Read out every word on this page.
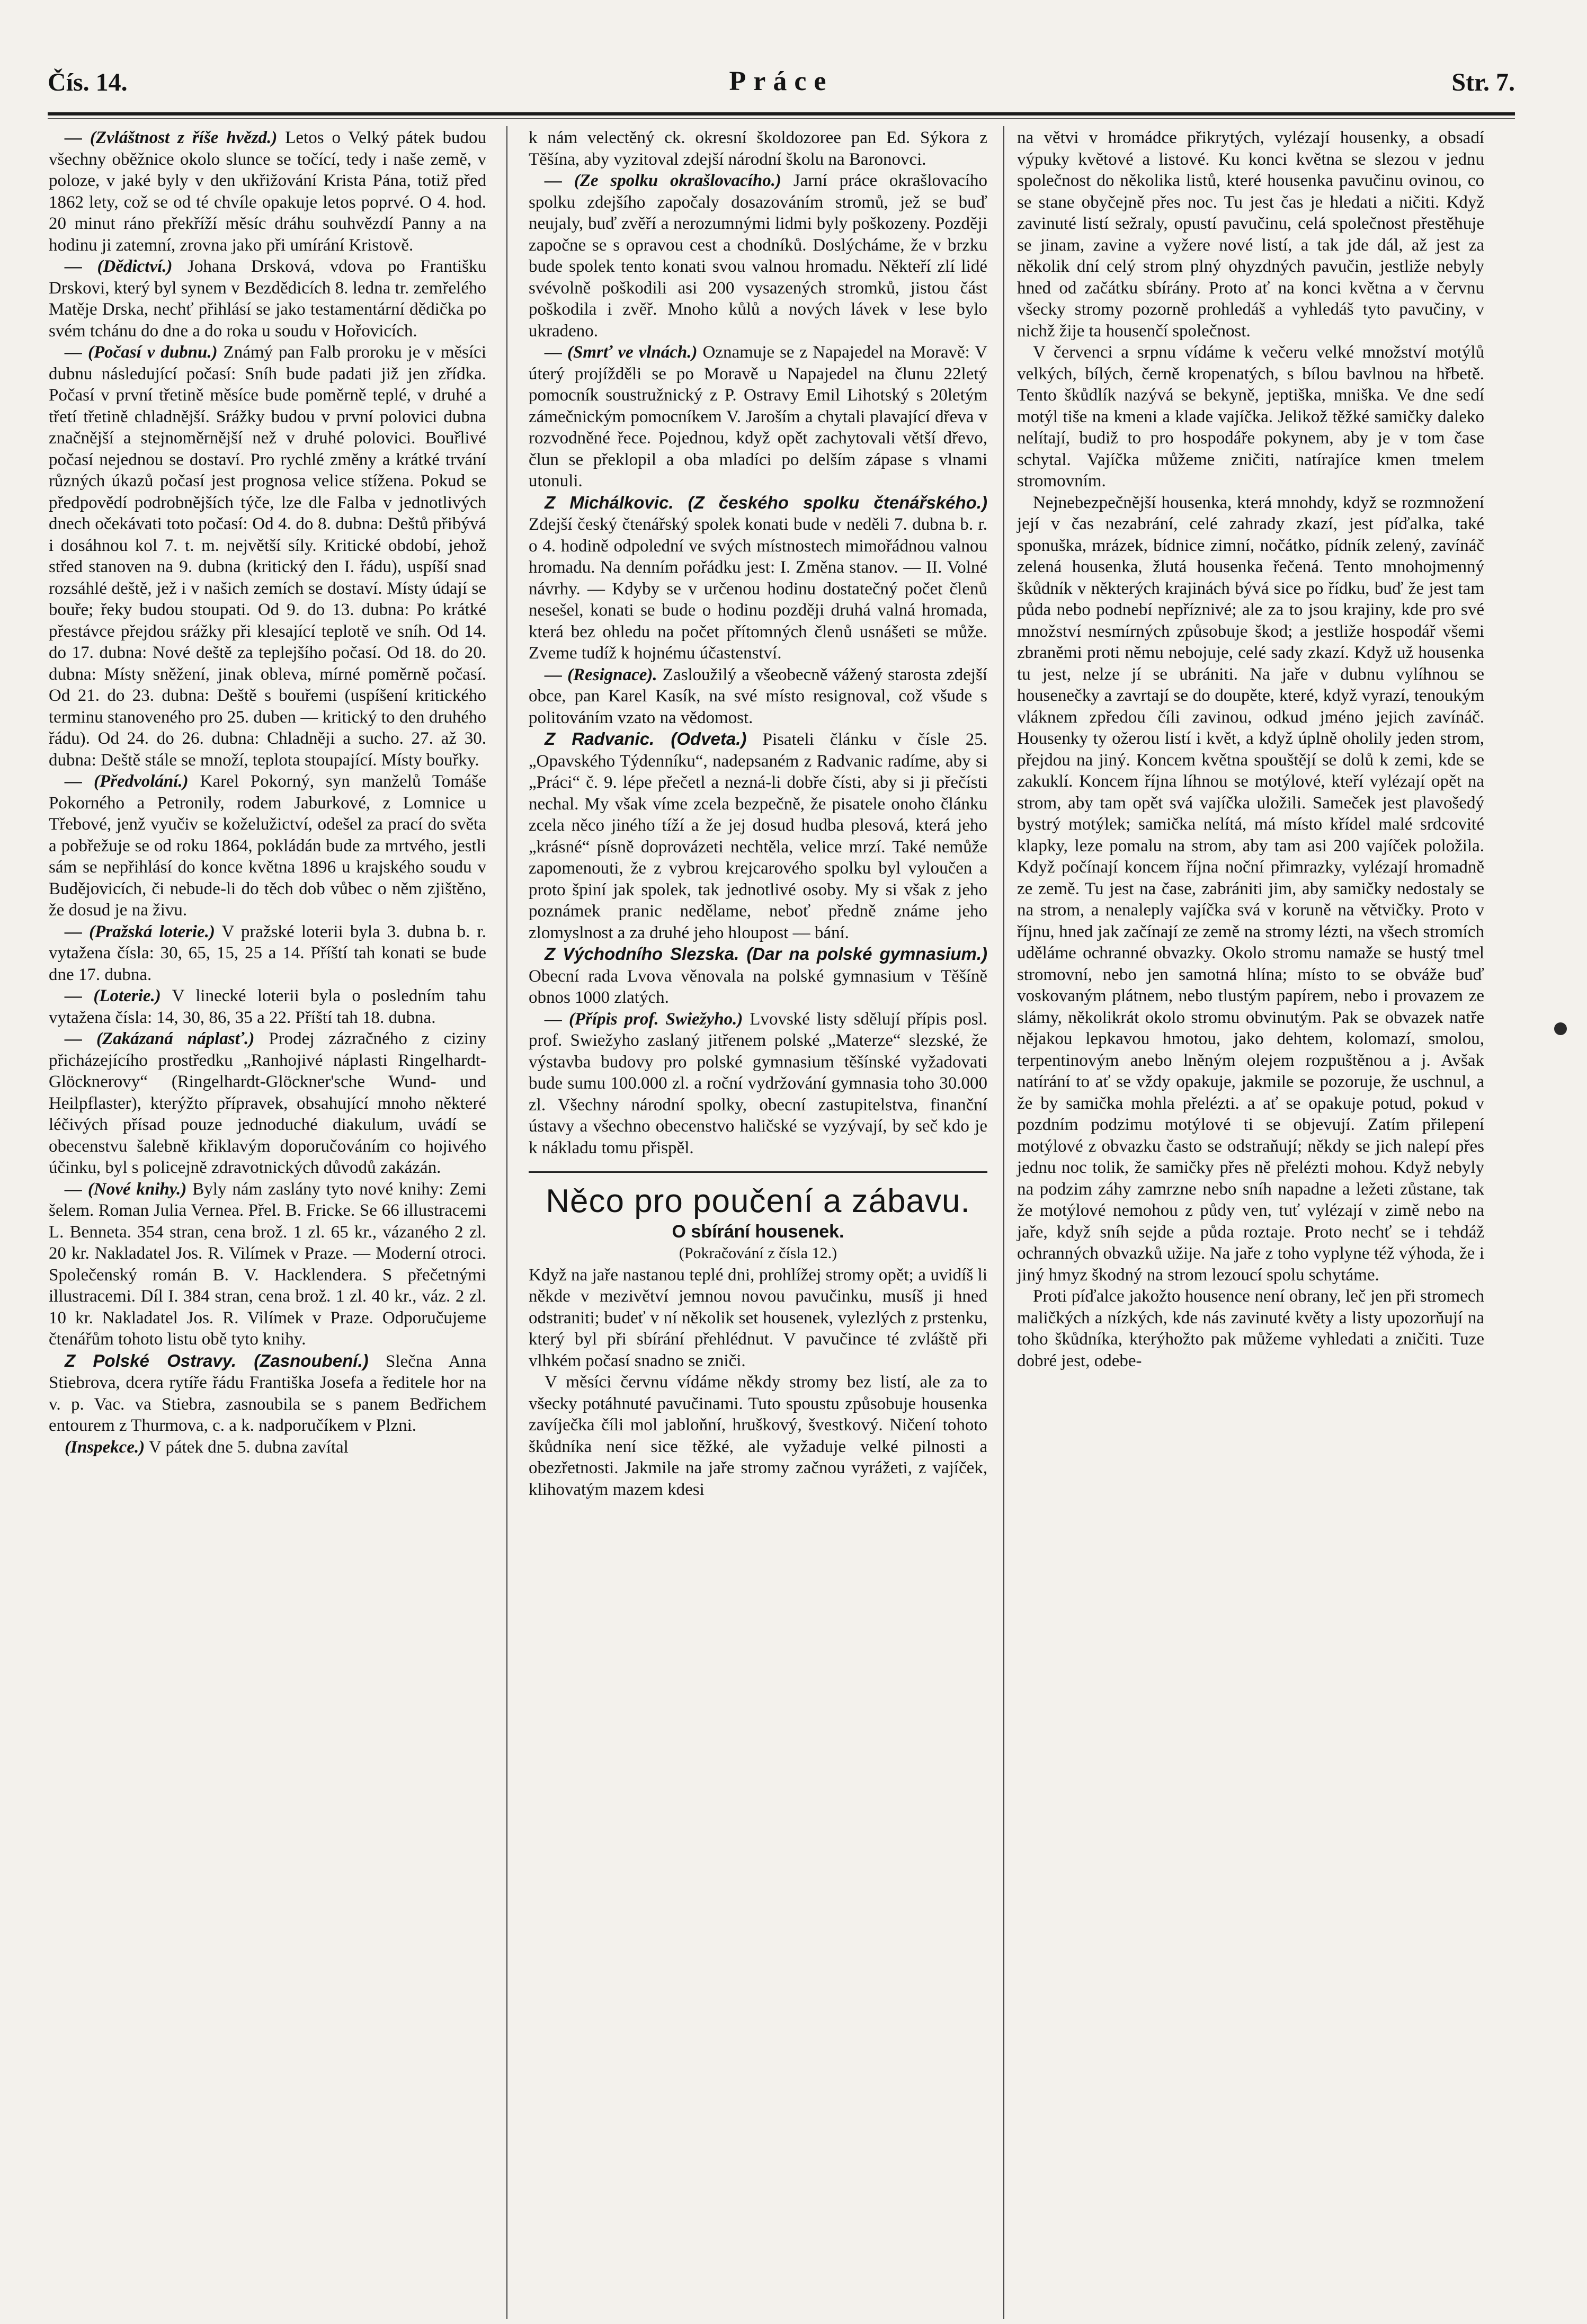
Čís. 14.	Práce	Str. 7.

— (Zvláštnost z říše hvězd.) Letos o Velký pátek budou všechny oběžnice okolo slunce se točící, tedy i naše země, v poloze, v jaké byly v den ukřižování Krista Pána, totiž před 1862 lety, což se od té chvíle opakuje letos poprvé. O 4. hod. 20 minut ráno překříží měsíc dráhu souhvězdí Panny a na hodinu ji zatemní, zrovna jako při umírání Kristově.

— (Dědictví.) Johana Drsková, vdova po Františku Drskovi, který byl synem v Bezdědicích 8. ledna tr. zemřelého Matěje Drska, nechť přihlásí se jako testamentární dědička po svém tchánu do dne a do roka u soudu v Hořovicích.

— (Počasí v dubnu.) Známý pan Falb proroku je v měsíci dubnu následující počasí: Sníh bude padati již jen zřídka. Počasí v první třetině měsíce bude poměrně teplé, v druhé a třetí třetině chladnější. Srážky budou v první polovici dubna značnější a stejnoměrnější než v druhé polovici. Bouřlivé počasí nejednou se dostaví. Pro rychlé změny a krátké trvání různých úkazů počasí jest prognosa velice stížena. Pokud se předpovědí podrobnějších týče, lze dle Falba v jednotlivých dnech očekávati toto počasí: Od 4. do 8. dubna: Deštů přibývá i dosáhnou kol 7. t. m. největší síly. Kritické období, jehož střed stanoven na 9. dubna (kritický den I. řádu), uspíší snad rozsáhlé deště, jež i v našich zemích se dostaví. Místy údají se bouře; řeky budou stoupati. Od 9. do 13. dubna: Po krátké přestávce přejdou srážky při klesající teplotě ve sníh. Od 14. do 17. dubna: Nové deště za teplejšího počasí. Od 18. do 20. dubna: Místy sněžení, jinak obleva, mírné poměrně počasí. Od 21. do 23. dubna: Deště s bouřemi (uspíšení kritického terminu stanoveného pro 25. duben — kritický to den druhého řádu). Od 24. do 26. dubna: Chladněji a sucho. 27. až 30. dubna: Deště stále se množí, teplota stoupající. Místy bouřky.

— (Předvolání.) Karel Pokorný, syn manželů Tomáše Pokorného a Petronily, rodem Jaburkové, z Lomnice u Třebové, jenž vyučiv se koželužictví, odešel za prací do světa a pobřežuje se od roku 1864, pokládán bude za mrtvého, jestli sám se nepřihlásí do konce května 1896 u krajského soudu v Budějovicích, či nebude-li do těch dob vůbec o něm zjištěno, že dosud je na živu.

— (Pražská loterie.) V pražské loterii byla 3. dubna b. r. vytažena čísla: 30, 65, 15, 25 a 14. Příští tah konati se bude dne 17. dubna.

— (Loterie.) V linecké loterii byla o posledním tahu vytažena čísla: 14, 30, 86, 35 a 22. Příští tah 18. dubna.

— (Zakázaná náplasť.) Prodej zázračného z ciziny přicházejícího prostředku „Ranhojivé náplasti Ringelhardt-Glöcknerovy“ (Ringelhardt-Glöckner'sche Wund- und Heilpflaster), kterýžto přípravek, obsahující mnoho některé léčivých přísad pouze jednoduché diakulum, uvádí se obecenstvu šalebně křiklavým doporučováním co hojivého účinku, byl s policejně zdravotnických důvodů zakázán.

— (Nové knihy.) Byly nám zaslány tyto nové knihy: Zemi šelem. Roman Julia Vernea. Přel. B. Fricke. Se 66 illustracemi L. Benneta. 354 stran, cena brož. 1 zl. 65 kr., vázaného 2 zl. 20 kr. Nakladatel Jos. R. Vilímek v Praze. — Moderní otroci. Společenský román B. V. Hacklendera. S přečetnými illustracemi. Díl I. 384 stran, cena brož. 1 zl. 40 kr., váz. 2 zl. 10 kr. Nakladatel Jos. R. Vilímek v Praze. Odporučujeme čtenářům tohoto listu obě tyto knihy.

Z Polské Ostravy. (Zasnoubení.) Slečna Anna Stiebrova, dcera rytíře řádu Františka Josefa a ředitele hor na v. p. Vac. va Stiebra, zasnoubila se s panem Bedřichem entourem z Thurmova, c. a k. nadporučíkem v Plzni.

(Inspekce.) V pátek dne 5. dubna zavítal

k nám velectěný ck. okresní školdozoree pan Ed. Sýkora z Těšína, aby vyzitoval zdejší národní školu na Baronovci.

— (Ze spolku okrašlovacího.) Jarní práce okrašlovacího spolku zdejšího započaly dosazováním stromů, jež se buď neujaly, buď zvěří a nerozumnými lidmi byly poškozeny. Později započne se s opravou cest a chodníků. Doslýcháme, že v brzku bude spolek tento konati svou valnou hromadu. Někteří zlí lidé svévolně poškodili asi 200 vysazených stromků, jistou část poškodila i zvěř. Mnoho kůlů a nových lávek v lese bylo ukradeno.

— (Smrť ve vlnách.) Oznamuje se z Napajedel na Moravě: V úterý projížděli se po Moravě u Napajedel na člunu 22letý pomocník soustružnický z P. Ostravy Emil Lihotský s 20letým zámečnickým pomocníkem V. Jaroším a chytali plavající dřeva v rozvodněné řece. Pojednou, když opět zachytovali větší dřevo, člun se překlopil a oba mladíci po delším zápase s vlnami utonuli.

Z Michálkovic. (Z českého spolku čtenářského.) Zdejší český čtenářský spolek konati bude v neděli 7. dubna b. r. o 4. hodině odpolední ve svých místnostech mimořádnou valnou hromadu. Na denním pořádku jest: I. Změna stanov. — II. Volné návrhy. — Kdyby se v určenou hodinu dostatečný počet členů nesešel, konati se bude o hodinu později druhá valná hromada, která bez ohledu na počet přítomných členů usnášeti se může. Zveme tudíž k hojnému účastenství.

— (Resignace). Zasloužilý a všeobecně vážený starosta zdejší obce, pan Karel Kasík, na své místo resignoval, což všude s politováním vzato na vědomost.

Z Radvanic. (Odveta.) Pisateli článku v čísle 25. „Opavského Týdenníku“, nadepsaném z Radvanic radíme, aby si „Práci“ č. 9. lépe přečetl a nezná-li dobře čísti, aby si ji přečísti nechal. My však víme zcela bezpečně, že pisatele onoho článku zcela něco jiného tíží a že jej dosud hudba plesová, která jeho „krásné“ písně doprovázeti nechtěla, velice mrzí. Také nemůže zapomenouti, že z vybrou krejcarového spolku byl vyloučen a proto špiní jak spolek, tak jednotlivé osoby. My si však z jeho poznámek pranic nedělame, neboť předně známe jeho zlomyslnost a za druhé jeho hloupost — bání.

Z Východního Slezska. (Dar na polské gymnasium.) Obecní rada Lvova věnovala na polské gymnasium v Těšíně obnos 1000 zlatých.

— (Přípis prof. Swiežyho.) Lvovské listy sdělují přípis posl. prof. Swiežyho zaslaný jitřenem polské „Materze“ slezské, že výstavba budovy pro polské gymnasium těšínské vyžadovati bude sumu 100.000 zl. a roční vydržování gymnasia toho 30.000 zl. Všechny národní spolky, obecní zastupitelstva, finanční ústavy a všechno obecenstvo haličské se vyzývají, by seč kdo je k nákladu tomu přispěl.

Něco pro poučení a zábavu.

O sbírání housenek.

(Pokračování z čísla 12.)

Když na jaře nastanou teplé dni, prohlížej stromy opět; a uvidíš li někde v mezivětví jemnou novou pavučinku, musíš ji hned odstraniti; budeť v ní několik set housenek, vylezlých z prstenku, který byl při sbírání přehlédnut. V pavučince té zvláště při vlhkém počasí snadno se zniči.

V měsíci červnu vídáme někdy stromy bez listí, ale za to všecky potáhnuté pavučinami. Tuto spoustu způsobuje housenka zavíječka číli mol jabloňní, hruškový, švestkový. Ničení tohoto škůdníka není sice těžké, ale vyžaduje velké pilnosti a obezřetnosti. Jakmile na jaře stromy začnou vyrážeti, z vajíček, klihovatým mazem kdesi

na větvi v hromádce přikrytých, vylézají housenky, a obsadí výpuky květové a listové. Ku konci května se slezou v jednu společnost do několika listů, které housenka pavučinu ovinou, co se stane obyčejně přes noc. Tu jest čas je hledati a ničiti. Když zavinuté listí sežraly, opustí pavučinu, celá společnost přestěhuje se jinam, zavine a vyžere nové listí, a tak jde dál, až jest za několik dní celý strom plný ohyzdných pavučin, jestliže nebyly hned od začátku sbírány. Proto ať na konci května a v červnu všecky stromy pozorně prohledáš a vyhledáš tyto pavučiny, v nichž žije ta housenčí společnost.

V červenci a srpnu vídáme k večeru velké množství motýlů velkých, bílých, černě kropenatých, s bílou bavlnou na hřbetě. Tento škůdlík nazývá se bekyně, jeptiška, mniška. Ve dne sedí motýl tiše na kmeni a klade vajíčka. Jelikož těžké samičky daleko nelítají, budiž to pro hospodáře pokynem, aby je v tom čase schytal. Vajíčka můžeme zničiti, natírajíce kmen tmelem stromovním.

Nejnebezpečnější housenka, která mnohdy, když se rozmnožení její v čas nezabrání, celé zahrady zkazí, jest píďalka, také sponuška, mrázek, bídnice zimní, nočátko, pídník zelený, zavínáč zelená housenka, žlutá housenka řečená. Tento mnohojmenný škůdník v některých krajinách bývá sice po řídku, buď že jest tam půda nebo podnebí nepříznivé; ale za to jsou krajiny, kde pro své množství nesmírných způsobuje škod; a jestliže hospodář všemi zbraněmi proti němu nebojuje, celé sady zkazí. Když už housenka tu jest, nelze jí se ubrániti. Na jaře v dubnu vylíhnou se housenečky a zavrtají se do doupěte, které, když vyrazí, tenoukým vláknem zpředou číli zavinou, odkud jméno jejich zavínáč. Housenky ty ožerou listí i květ, a když úplně oholily jeden strom, přejdou na jiný. Koncem května spouštějí se dolů k zemi, kde se zakuklí. Koncem října líhnou se motýlové, kteří vylézají opět na strom, aby tam opět svá vajíčka uložili. Sameček jest plavošedý bystrý motýlek; samička nelítá, má místo křídel malé srdcovité klapky, leze pomalu na strom, aby tam asi 200 vajíček položila. Když počínají koncem října noční přimrazky, vylézají hromadně ze země. Tu jest na čase, zabrániti jim, aby samičky nedostaly se na strom, a nenaleply vajíčka svá v koruně na větvičky. Proto v říjnu, hned jak začínají ze země na stromy lézti, na všech stromích uděláme ochranné obvazky. Okolo stromu namaže se hustý tmel stromovní, nebo jen samotná hlína; místo to se obváže buď voskovaným plátnem, nebo tlustým papírem, nebo i provazem ze slámy, několikrát okolo stromu obvinutým. Pak se obvazek natře nějakou lepkavou hmotou, jako dehtem, kolomazí, smolou, terpentinovým anebo lněným olejem rozpuštěnou a j. Avšak natírání to ať se vždy opakuje, jakmile se pozoruje, že uschnul, a že by samička mohla přelézti. a ať se opakuje potud, pokud v pozdním podzimu motýlové ti se objevují. Zatím přilepení motýlové z obvazku často se odstraňují; někdy se jich nalepí přes jednu noc tolik, že samičky přes ně přelézti mohou. Když nebyly na podzim záhy zamrzne nebo sníh napadne a ležeti zůstane, tak že motýlové nemohou z půdy ven, tuť vylézají v zimě nebo na jaře, když sníh sejde a půda roztaje. Proto nechť se i tehdáž ochranných obvazků užije. Na jaře z toho vyplyne též výhoda, že i jiný hmyz škodný na strom lezoucí spolu schytáme.

Proti píďalce jakožto housence není obrany, leč jen při stromech maličkých a nízkých, kde nás zavinuté květy a listy upozorňují na toho škůdníka, kterýhožto pak můžeme vyhledati a zničiti. Tuze dobré jest, odebe-
